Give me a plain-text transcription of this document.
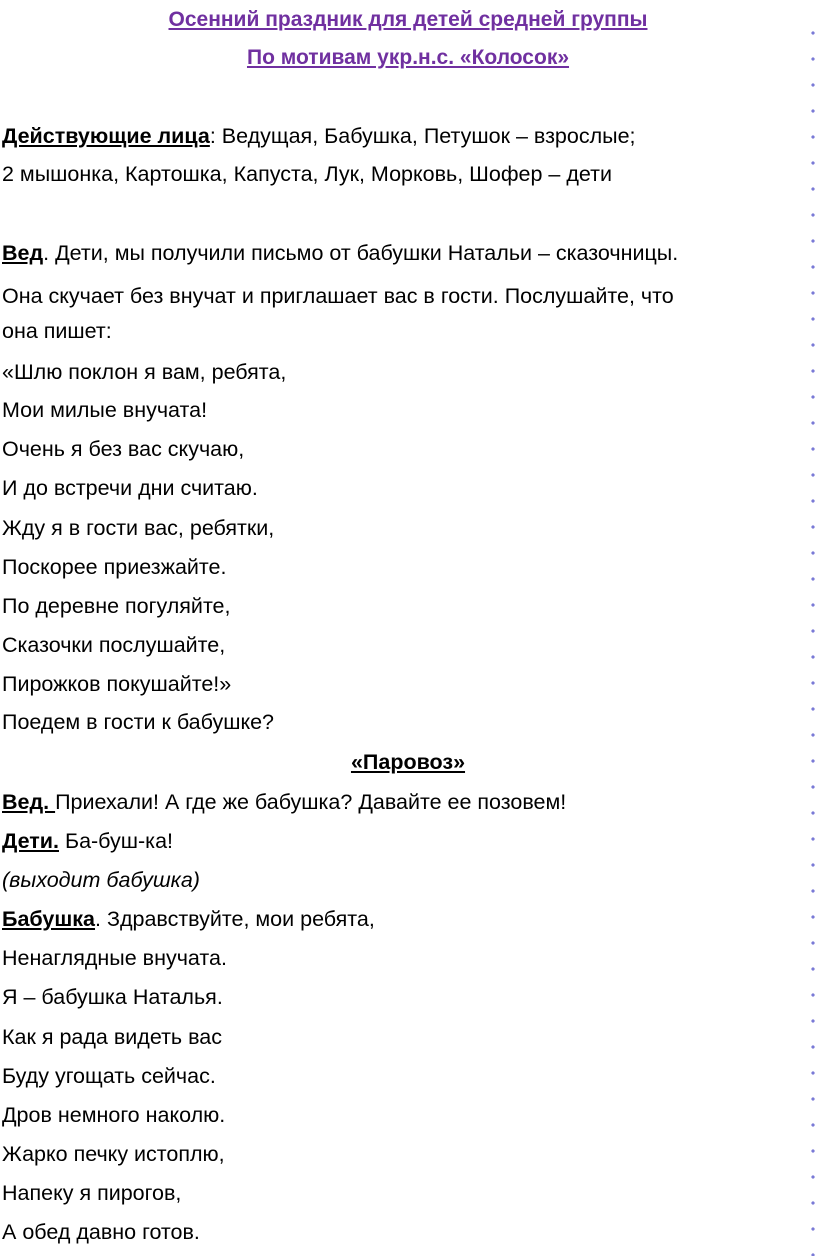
Осенний праздник для детей средней группы
По мотивам укр.н.с. «Колосок»
Действующие лица: Ведущая, Бабушка, Петушок – взрослые;
2 мышонка, Картошка, Капуста, Лук, Морковь, Шофер – дети
Вед. Дети, мы получили письмо от бабушки Натальи – сказочницы.
Она скучает без внучат и приглашает вас в гости. Послушайте, что
она пишет:
«Шлю поклон я вам, ребята,
Мои милые внучата!
Очень я без вас скучаю,
И до встречи дни считаю.
Жду я в гости вас, ребятки,
Поскорее приезжайте.
По деревне погуляйте,
Сказочки послушайте,
Пирожков покушайте!»
Поедем в гости к бабушке?
«Паровоз»
Вед. Приехали! А где же бабушка? Давайте ее позовем!
Дети. Ба-буш-ка!
(выходит бабушка)
Бабушка. Здравствуйте, мои ребята,
Ненаглядные внучата.
Я – бабушка Наталья.
Как я рада видеть вас
Буду угощать сейчас.
Дров немного наколю.
Жарко печку истоплю,
Напеку я пирогов,
А обед давно готов.
